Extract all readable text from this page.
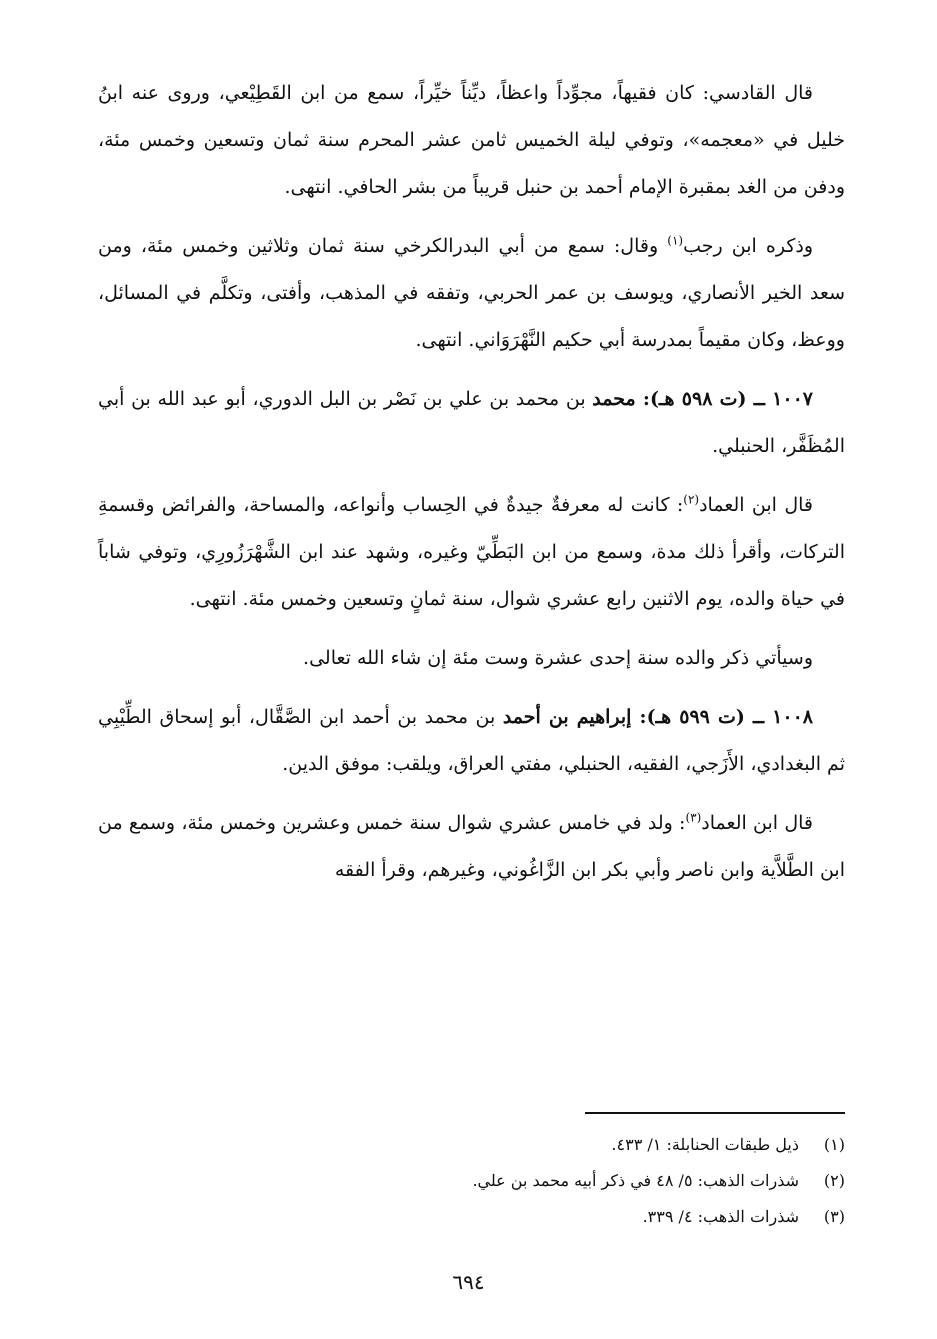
قال القادسي: كان فقيهاً، مجوِّداً واعظاً، ديِّناً خيِّراً، سمع من ابن القَطِيْعي، وروى عنه ابنُ خليل في «معجمه»، وتوفي ليلة الخميس ثامن عشر المحرم سنة ثمان وتسعين وخمس مئة، ودفن من الغد بمقبرة الإمام أحمد بن حنبل قريباً من بشر الحافي. انتهى.

وذكره ابن رجب$^{(١)}$ وقال: سمع من أبي البدرالكرخي سنة ثمان وثلاثين وخمس مئة، ومن سعد الخير الأنصاري، ويوسف بن عمر الحربي، وتفقه في المذهب، وأفتى، وتكلَّم في المسائل، ووعظ، وكان مقيماً بمدرسة أبي حكيم النَّهْرَوَاني. انتهى.

١٠٠٧ ــ (ت ٥٩٨ هـ): محمد بن محمد بن علي بن نَصْر بن البل الدوري، أبو عبد الله بن أبي المُظَفَّر، الحنبلي.

قال ابن العماد$^{(٢)}$: كانت له معرفةٌ جيدةٌ في الحِساب وأنواعه، والمساحة، والفرائض وقسمةِ التركات، وأقرأ ذلك مدة، وسمع من ابن البَطِّيّ وغيره، وشهد عند ابن الشَّهْرَزُورِي، وتوفي شاباً في حياة والده، يوم الاثنين رابع عشري شوال، سنة ثمانٍ وتسعين وخمس مئة. انتهى.

وسيأتي ذكر والده سنة إحدى عشرة وست مئة إن شاء الله تعالى.

١٠٠٨ ــ (ت ٥٩٩ هـ): إبراهيم بن أحمد بن محمد بن أحمد ابن الصَّقَّال، أبو إسحاق الطِّيْبِي ثم البغدادي، الأَزَجي، الفقيه، الحنبلي، مفتي العراق، ويلقب: موفق الدين.

قال ابن العماد$^{(٣)}$: ولد في خامس عشري شوال سنة خمس وعشرين وخمس مئة، وسمع من ابن الطَّلاَّية وابن ناصر وأبي بكر ابن الزَّاغُوني، وغيرهم، وقرأ الفقه

(١)
ذيل طبقات الحنابلة: ١/ ٤٣٣.
(٢)
شذرات الذهب: ٥/ ٤٨ في ذكر أبيه محمد بن علي.
(٣)
شذرات الذهب: ٤/ ٣٣٩.
٦٩٤
